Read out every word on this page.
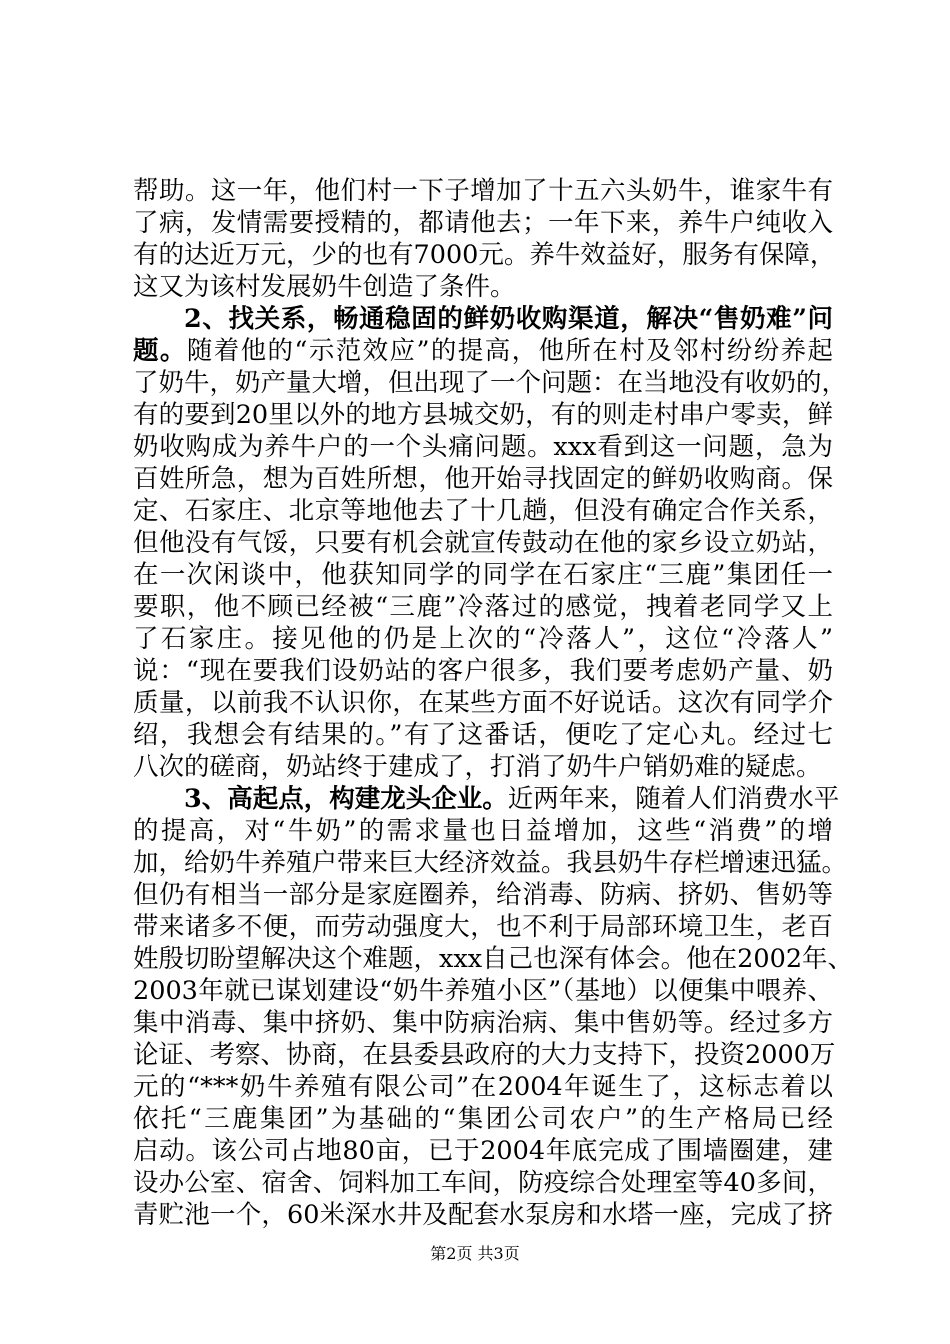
帮助。这一年，他们村一下子增加了十五六头奶牛，谁家牛有
了病，发情需要授精的，都请他去；一年下来，养牛户纯收入
有的达近万元，少的也有7000元。养牛效益好，服务有保障，
这又为该村发展奶牛创造了条件。
2、找关系，畅通稳固的鲜奶收购渠道，解决“售奶难”问
题。随着他的“示范效应”的提高，他所在村及邻村纷纷养起
了奶牛，奶产量大增，但出现了一个问题：在当地没有收奶的，
有的要到20里以外的地方县城交奶，有的则走村串户零卖，鲜
奶收购成为养牛户的一个头痛问题。xxx看到这一问题，急为
百姓所急，想为百姓所想，他开始寻找固定的鲜奶收购商。保
定、石家庄、北京等地他去了十几趟，但没有确定合作关系，
但他没有气馁，只要有机会就宣传鼓动在他的家乡设立奶站，
在一次闲谈中，他获知同学的同学在石家庄“三鹿”集团任一
要职，他不顾已经被“三鹿”冷落过的感觉，拽着老同学又上
了石家庄。接见他的仍是上次的“冷落人”，这位“冷落人”
说：“现在要我们设奶站的客户很多，我们要考虑奶产量、奶
质量，以前我不认识你，在某些方面不好说话。这次有同学介
绍，我想会有结果的。”有了这番话，便吃了定心丸。经过七
八次的磋商，奶站终于建成了，打消了奶牛户销奶难的疑虑。
3、高起点，构建龙头企业。近两年来，随着人们消费水平
的提高，对“牛奶”的需求量也日益增加，这些“消费”的增
加，给奶牛养殖户带来巨大经济效益。我县奶牛存栏增速迅猛。
但仍有相当一部分是家庭圈养，给消毒、防病、挤奶、售奶等
带来诸多不便，而劳动强度大，也不利于局部环境卫生，老百
姓殷切盼望解决这个难题，xxx自己也深有体会。他在2002年、
2003年就已谋划建设“奶牛养殖小区”（基地）以便集中喂养、
集中消毒、集中挤奶、集中防病治病、集中售奶等。经过多方
论证、考察、协商，在县委县政府的大力支持下，投资2000万
元的“***奶牛养殖有限公司”在2004年诞生了，这标志着以
依托“三鹿集团”为基础的“集团公司农户”的生产格局已经
启动。该公司占地80亩，已于2004年底完成了围墙圈建，建
设办公室、宿舍、饲料加工车间，防疫综合处理室等40多间，
青贮池一个，60米深水井及配套水泵房和水塔一座，完成了挤
第2页 共3页
